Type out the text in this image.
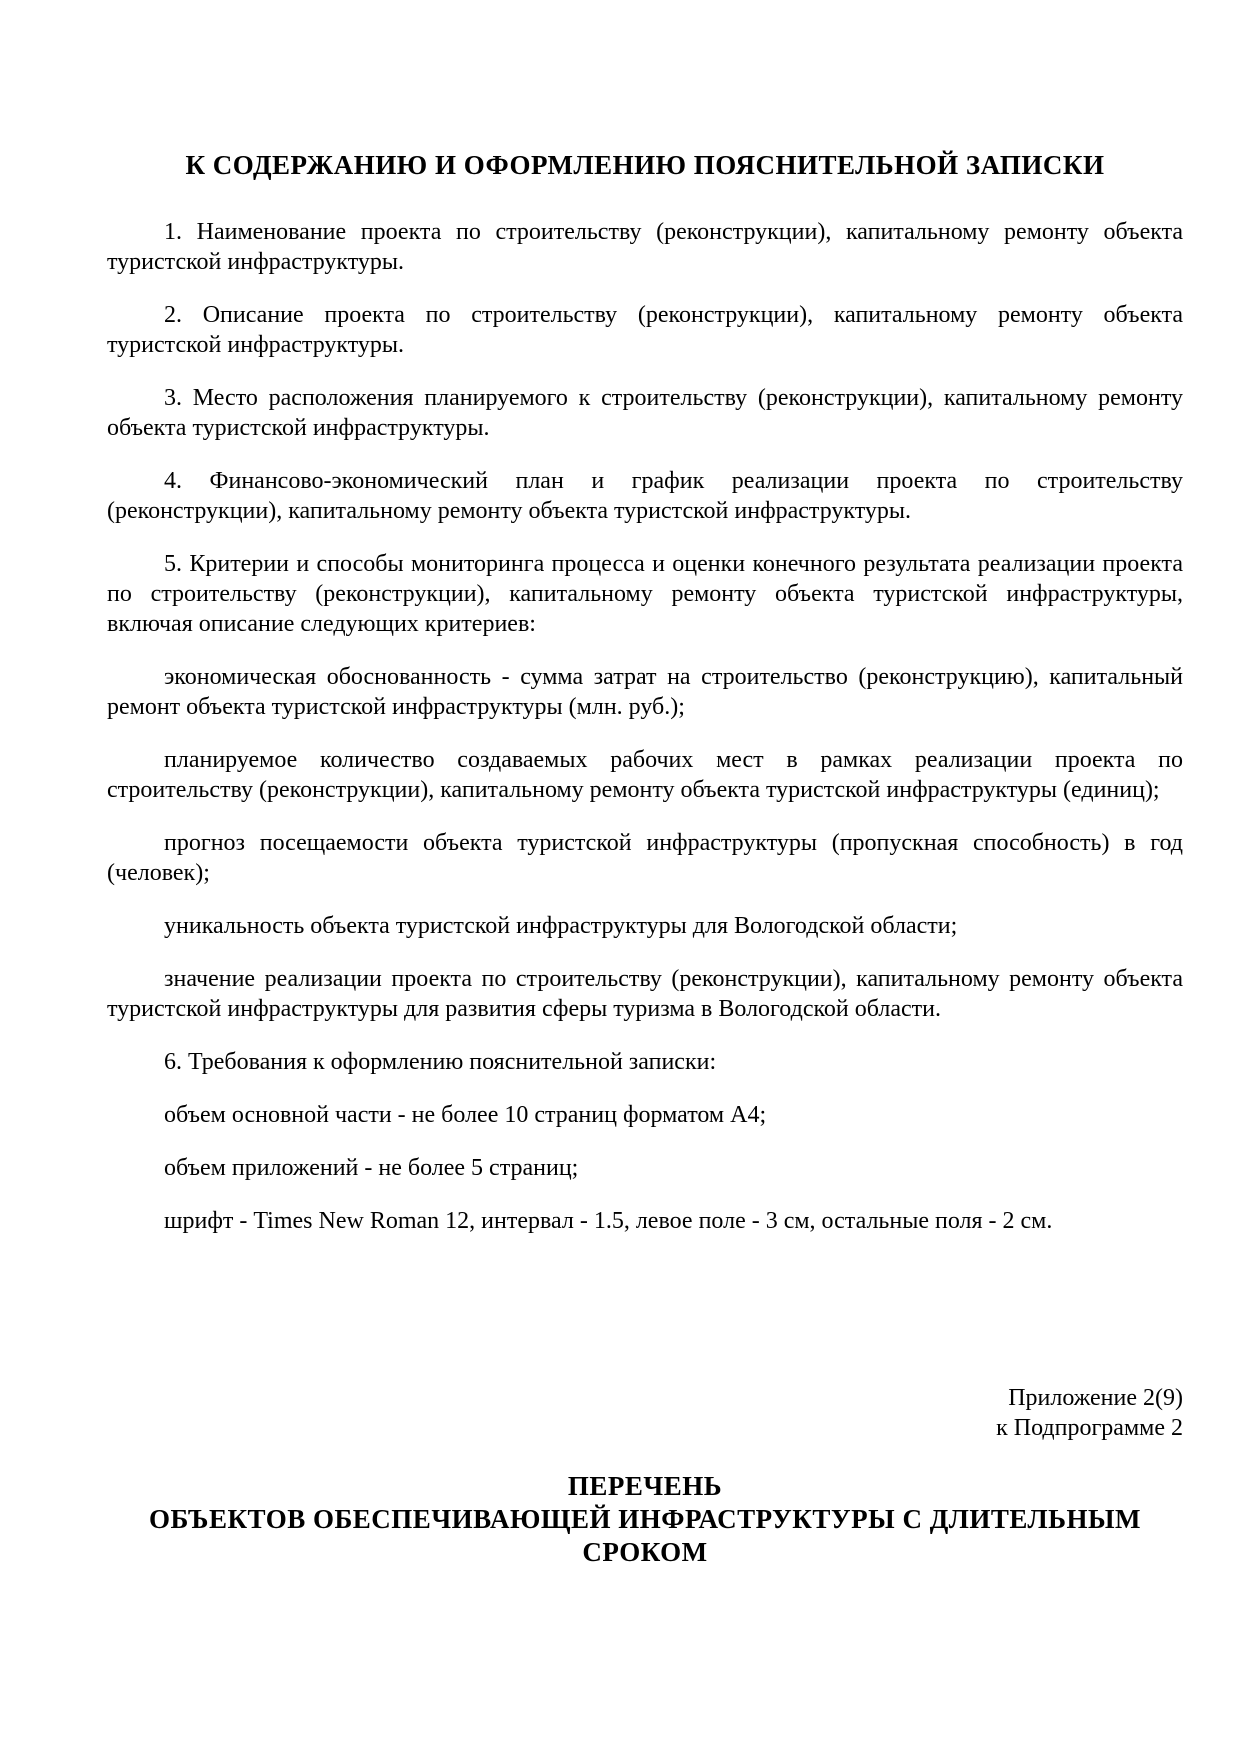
К СОДЕРЖАНИЮ И ОФОРМЛЕНИЮ ПОЯСНИТЕЛЬНОЙ ЗАПИСКИ

1. Наименование проекта по строительству (реконструкции), капитальному ремонту объекта туристской инфраструктуры.

2. Описание проекта по строительству (реконструкции), капитальному ремонту объекта туристской инфраструктуры.

3. Место расположения планируемого к строительству (реконструкции), капитальному ремонту объекта туристской инфраструктуры.

4. Финансово-экономический план и график реализации проекта по строительству (реконструкции), капитальному ремонту объекта туристской инфраструктуры.

5. Критерии и способы мониторинга процесса и оценки конечного результата реализации проекта по строительству (реконструкции), капитальному ремонту объекта туристской инфраструктуры, включая описание следующих критериев:

экономическая обоснованность - сумма затрат на строительство (реконструкцию), капитальный ремонт объекта туристской инфраструктуры (млн. руб.);

планируемое количество создаваемых рабочих мест в рамках реализации проекта по строительству (реконструкции), капитальному ремонту объекта туристской инфраструктуры (единиц);

прогноз посещаемости объекта туристской инфраструктуры (пропускная способность) в год (человек);

уникальность объекта туристской инфраструктуры для Вологодской области;

значение реализации проекта по строительству (реконструкции), капитальному ремонту объекта туристской инфраструктуры для развития сферы туризма в Вологодской области.

6. Требования к оформлению пояснительной записки:

объем основной части - не более 10 страниц форматом А4;

объем приложений - не более 5 страниц;

шрифт - Times New Roman 12, интервал - 1.5, левое поле - 3 см, остальные поля - 2 см.

Приложение 2(9)
к Подпрограмме 2
ПЕРЕЧЕНЬ
ОБЪЕКТОВ ОБЕСПЕЧИВАЮЩЕЙ ИНФРАСТРУКТУРЫ С ДЛИТЕЛЬНЫМ
СРОКОМ
